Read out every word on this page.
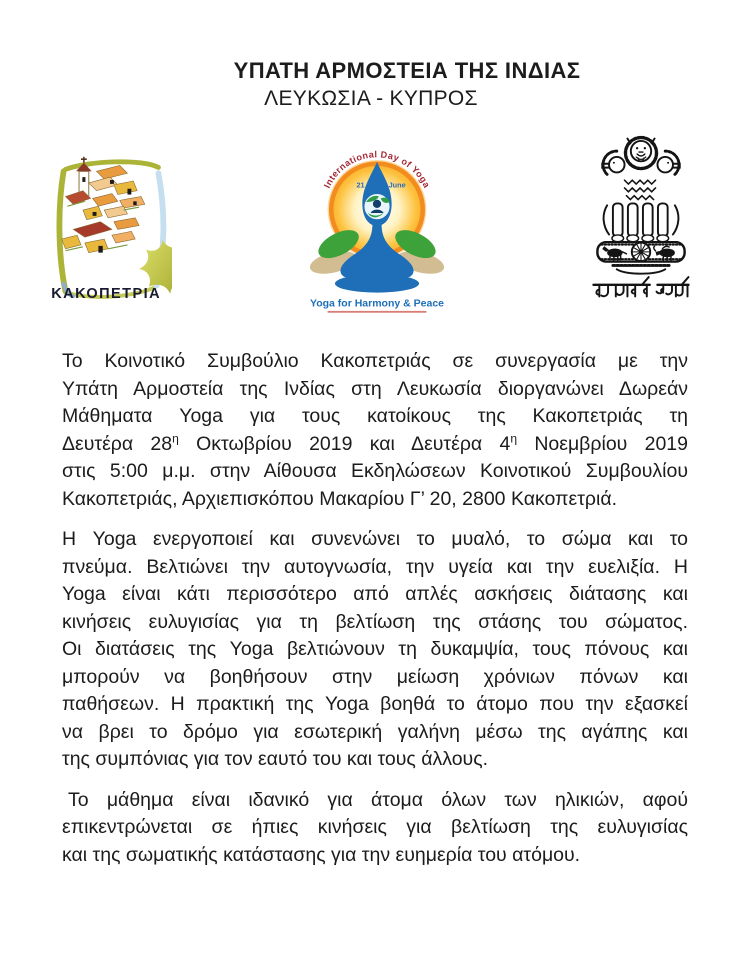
ΥΠΑΤΗ ΑΡΜΟΣΤΕΙΑ ΤΗΣ ΙΝΔΙΑΣ
ΛΕΥΚΩΣΙΑ - ΚΥΠΡΟΣ
ΚΑΚΟΠΕΤΡΙΑ
International Day of Yoga
21	June
Yoga for Harmony & Peace
Το Κοινοτικό Συμβούλιο Κακοπετριάς σε συνεργασία με την
Υπάτη Αρμοστεία της Ινδίας στη Λευκωσία διοργανώνει Δωρεάν
Μάθηματα Yoga για τους κατοίκους της Κακοπετριάς τη
Δευτέρα $28^\eta$ Οκτωβρίου 2019 και Δευτέρα $4^\eta$ Νοεμβρίου 2019
στις 5:00 μ.μ. στην Αίθουσα Εκδηλώσεων Κοινοτικού Συμβουλίου
Κακοπετριάς, Αρχιεπισκόπου Μακαρίου Γ’ 20, 2800 Κακοπετριά.
Η Yoga ενεργοποιεί και συνενώνει το μυαλό, το σώμα και το
πνεύμα. Βελτιώνει την αυτογνωσία, την υγεία και την ευελιξία. Η
Yoga είναι κάτι περισσότερο από απλές ασκήσεις διάτασης και
κινήσεις ευλυγισίας για τη βελτίωση της στάσης του σώματος.
Οι διατάσεις της Yoga βελτιώνουν τη δυκαμψία, τους πόνους και
μπορούν να βοηθήσουν στην μείωση χρόνιων πόνων και
παθήσεων. Η πρακτική της Yoga βοηθά το άτομο που την εξασκεί
να βρει το δρόμο για εσωτερική γαλήνη μέσω της αγάπης και
της συμπόνιας για τον εαυτό του και τους άλλους.
Το μάθημα είναι ιδανικό για άτομα όλων των ηλικιών, αφού
επικεντρώνεται σε ήπιες κινήσεις για βελτίωση της ευλυγισίας
και της σωματικής κατάστασης για την ευημερία του ατόμου.
